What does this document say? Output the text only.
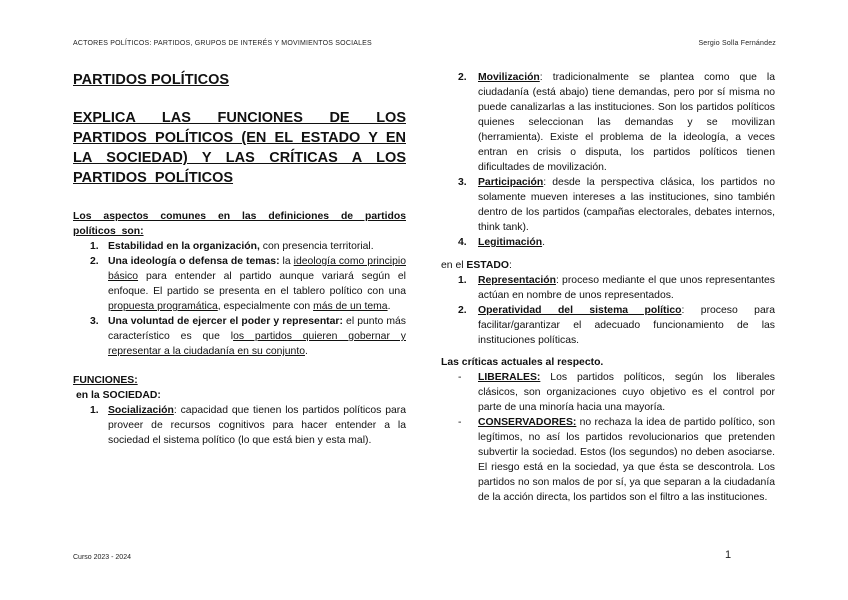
ACTORES POLÍTICOS: PARTIDOS, GRUPOS DE INTERÉS Y MOVIMIENTOS SOCIALES	Sergio Solla Fernández
PARTIDOS POLÍTICOS
EXPLICA LAS FUNCIONES DE LOS PARTIDOS POLÍTICOS (EN EL ESTADO Y EN LA SOCIEDAD) Y LAS CRÍTICAS A LOS PARTIDOS POLÍTICOS
Los aspectos comunes en las definiciones de partidos políticos son:
1. Estabilidad en la organización, con presencia territorial.
2. Una ideología o defensa de temas: la ideología como principio básico para entender al partido aunque variará según el enfoque. El partido se presenta en el tablero político con una propuesta programática, especialmente con más de un tema.
3. Una voluntad de ejercer el poder y representar: el punto más característico es que los partidos quieren gobernar y representar a la ciudadanía en su conjunto.
FUNCIONES:
en la SOCIEDAD:
1. Socialización: capacidad que tienen los partidos políticos para proveer de recursos cognitivos para hacer entender a la sociedad el sistema político (lo que está bien y esta mal).
2. Movilización: tradicionalmente se plantea como que la ciudadanía (está abajo) tiene demandas, pero por sí misma no puede canalizarlas a las instituciones. Son los partidos políticos quienes seleccionan las demandas y se movilizan (herramienta). Existe el problema de la ideología, a veces entran en crisis o disputa, los partidos políticos tienen dificultades de movilización.
3. Participación: desde la perspectiva clásica, los partidos no solamente mueven intereses a las instituciones, sino también dentro de los partidos (campañas electorales, debates internos, think tank).
4. Legitimación.
en el ESTADO:
1. Representación: proceso mediante el que unos representantes actúan en nombre de unos representados.
2. Operatividad del sistema político: proceso para facilitar/garantizar el adecuado funcionamiento de las instituciones políticas.
Las críticas actuales al respecto.
- LIBERALES: Los partidos políticos, según los liberales clásicos, son organizaciones cuyo objetivo es el control por parte de una minoría hacia una mayoría.
- CONSERVADORES: no rechaza la idea de partido político, son legítimos, no así los partidos revolucionarios que pretenden subvertir la sociedad. Estos (los segundos) no deben asociarse. El riesgo está en la sociedad, ya que ésta se descontrola. Los partidos no son malos de por sí, ya que separan a la ciudadanía de la acción directa, los partidos son el filtro a las instituciones.
Curso 2023 - 2024	1
